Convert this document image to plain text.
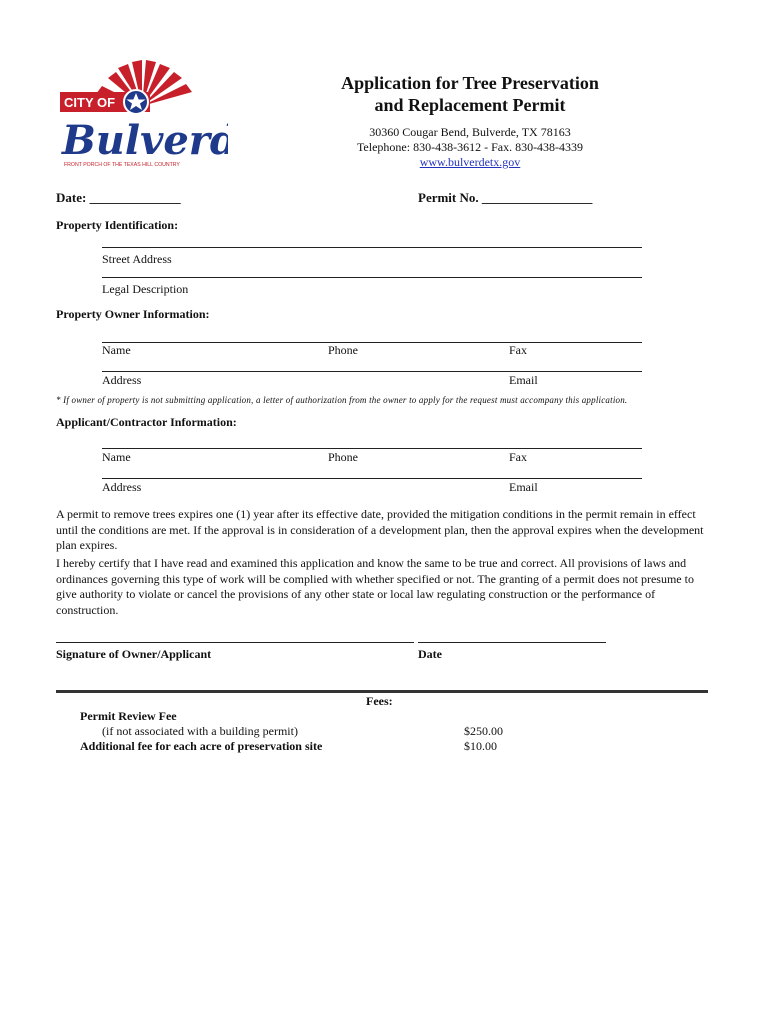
CITY OF
Bulver
FRONT PORCH OF THE TEXAS HILL COUNTRY
Application for Tree Preservation
and Replacement Permit
30360 Cougar Bend, Bulverde, TX 78163
Telephone: 830-438-3612 - Fax. 830-438-4339
www.bulverdetx.gov
Date: ______________	Permit No. _________________
Property Identification:
Street Address
Legal Description
Property Owner Information:
Name	Phone	Fax
Address	Email
* If owner of property is not submitting application, a letter of authorization from the owner to apply for the request must accompany this application.
Applicant/Contractor Information:
Name	Phone	Fax
Address	Email
A permit to remove trees expires one (1) year after its effective date, provided the mitigation conditions in the permit remain in effect until the conditions are met. If the approval is in consideration of a development plan, then the approval expires when the development plan expires.
I hereby certify that I have read and examined this application and know the same to be true and correct. All provisions of laws and ordinances governing this type of work will be complied with whether specified or not. The granting of a permit does not presume to give authority to violate or cancel the provisions of any other state or local law regulating construction or the performance of construction.
Signature of Owner/Applicant	Date
Fees:
Permit Review Fee
(if not associated with a building permit)	$250.00
Additional fee for each acre of preservation site	$10.00
